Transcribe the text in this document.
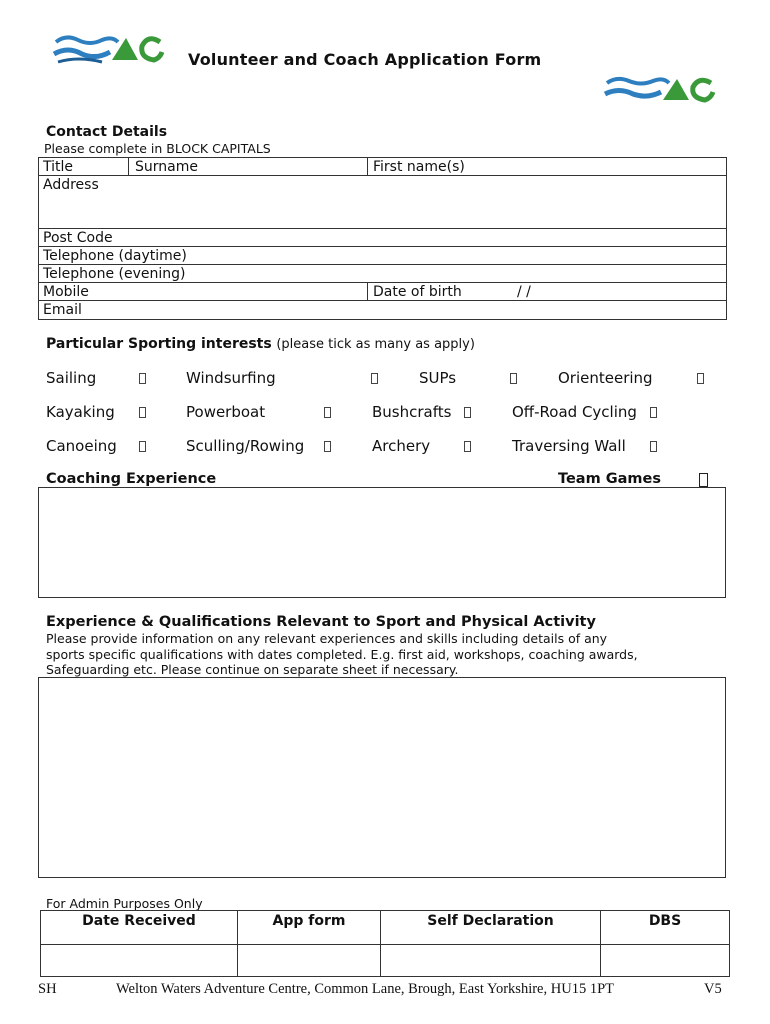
Volunteer and Coach Application Form
Contact Details
Please complete in BLOCK CAPITALS
Title	Surname	First name(s)
Address
Post Code
Telephone (daytime)
Telephone (evening)
Mobile	Date of birth	/ /
Email
Particular Sporting interests (please tick as many as apply)
Sailing	Windsurfing	SUPs	Orienteering
Kayaking	Powerboat	Bushcrafts	Off-Road Cycling
Canoeing	Sculling/Rowing	Archery	Traversing Wall
Coaching Experience	Team Games
Experience & Qualifications Relevant to Sport and Physical Activity
Please provide information on any relevant experiences and skills including details of any
sports specific qualifications with dates completed. E.g. first aid, workshops, coaching awards,
Safeguarding etc. Please continue on separate sheet if necessary.
For Admin Purposes Only
Date Received	App form	Self Declaration	DBS

SH	Welton Waters Adventure Centre, Common Lane, Brough, East Yorkshire, HU15 1PT	V5
